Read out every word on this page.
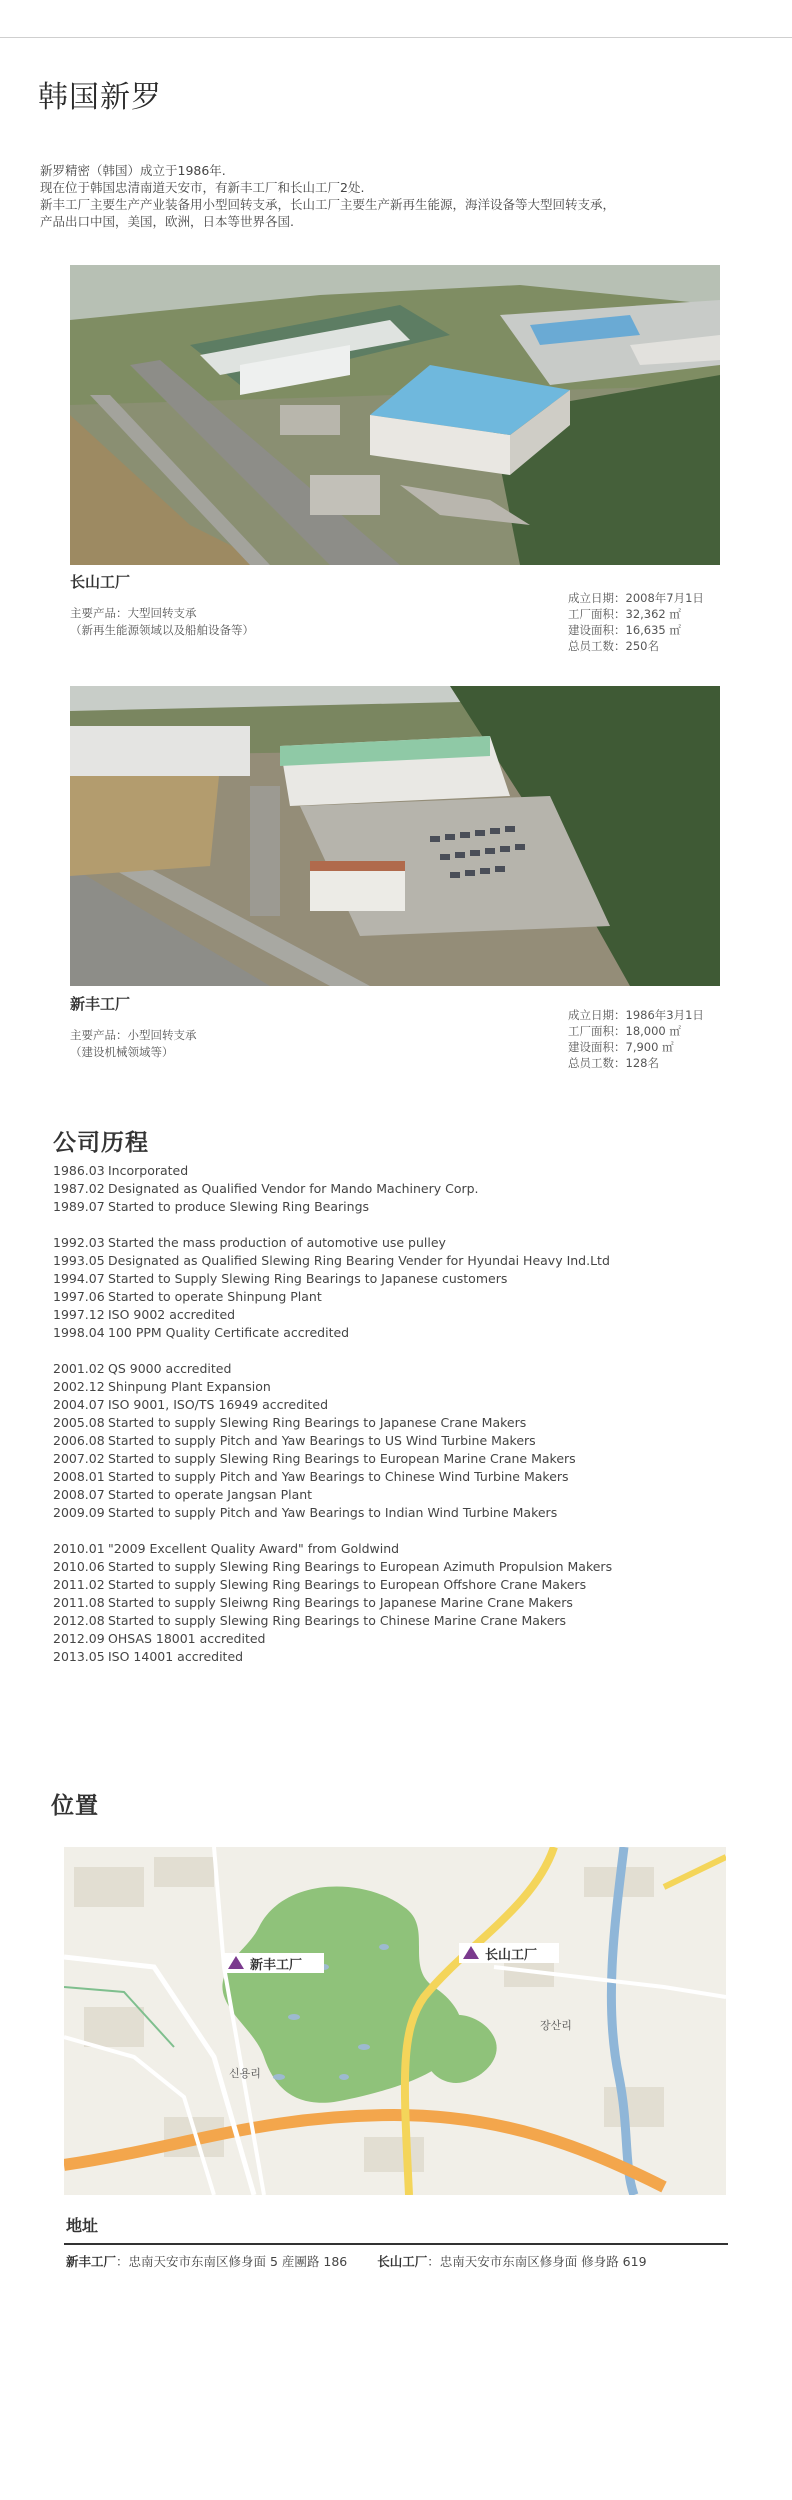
韩国新罗
新罗精密（韩国）成立于1986年.
现在位于韩国忠清南道天安市，有新丰工厂和长山工厂2处.
新丰工厂主要生产产业装备用小型回转支承，长山工厂主要生产新再生能源，海洋设备等大型回转支承，
产品出口中国，美国，欧洲，日本等世界各国.
长山工厂
主要产品：大型回转支承
（新再生能源领域以及船舶设备等）
成立日期：2008年7月1日
工厂面积：32,362 ㎡
建设面积：16,635 ㎡
总员工数：250名
新丰工厂
主要产品：小型回转支承
（建设机械领域等）
成立日期：1986年3月1日
工厂面积：18,000 ㎡
建设面积：7,900 ㎡
总员工数：128名
公司历程
1986.03 Incorporated
1987.02 Designated as Qualified Vendor for Mando Machinery Corp.
1989.07 Started to produce Slewing Ring Bearings
1992.03 Started the mass production of automotive use pulley
1993.05 Designated as Qualified Slewing Ring Bearing Vender for Hyundai Heavy Ind.Ltd
1994.07 Started to Supply Slewing Ring Bearings to Japanese customers
1997.06 Started to operate Shinpung Plant
1997.12 ISO 9002 accredited
1998.04 100 PPM Quality Certificate accredited
2001.02 QS 9000 accredited
2002.12 Shinpung Plant Expansion
2004.07 ISO 9001, ISO/TS 16949 accredited
2005.08 Started to supply Slewing Ring Bearings to Japanese Crane Makers
2006.08 Started to supply Pitch and Yaw Bearings to US Wind Turbine Makers
2007.02 Started to supply Slewing Ring Bearings to European Marine Crane Makers
2008.01 Started to supply Pitch and Yaw Bearings to Chinese Wind Turbine Makers
2008.07 Started to operate Jangsan Plant
2009.09 Started to supply Pitch and Yaw Bearings to Indian Wind Turbine Makers
2010.01 "2009 Excellent Quality Award" from Goldwind
2010.06 Started to supply Slewing Ring Bearings to European Azimuth Propulsion Makers
2011.02 Started to supply Slewing Ring Bearings to European Offshore Crane Makers
2011.08 Started to supply Sleiwng Ring Bearings to Japanese Marine Crane Makers
2012.08 Started to supply Slewing Ring Bearings to Chinese Marine Crane Makers
2012.09 OHSAS 18001 accredited
2013.05 ISO 14001 accredited
位置
新丰工厂
长山工厂
장산리
신용리
地址
新丰工厂：忠南天安市东南区修身面 5 産團路 186 长山工厂：忠南天安市东南区修身面 修身路 619
